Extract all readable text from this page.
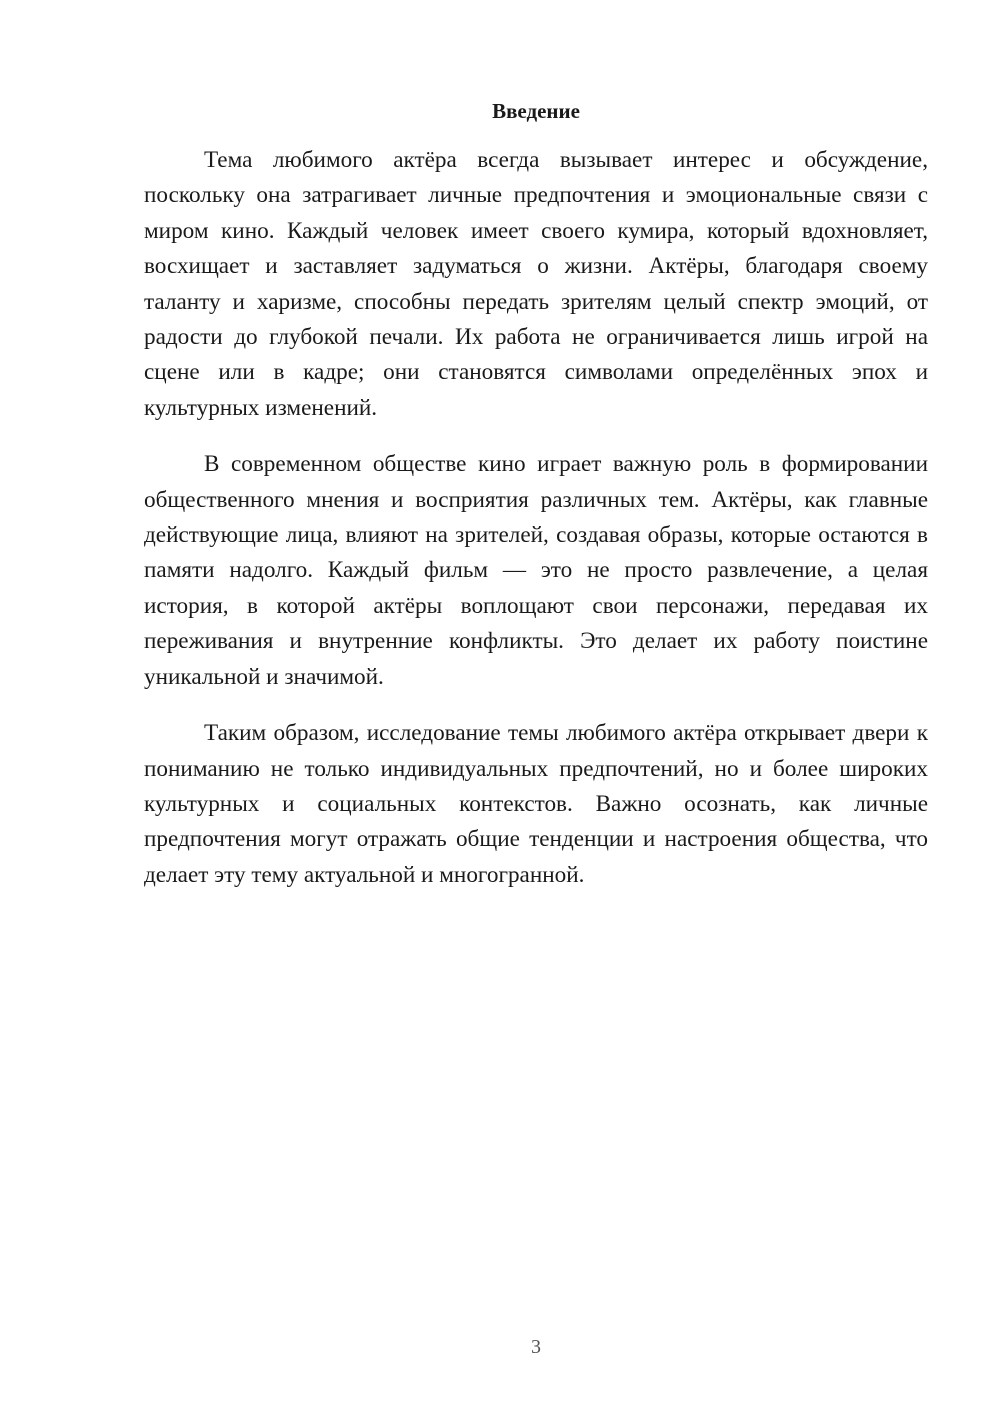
Введение

Тема любимого актёра всегда вызывает интерес и обсуждение, поскольку она затрагивает личные предпочтения и эмоциональные связи с миром кино. Каждый человек имеет своего кумира, который вдохновляет, восхищает и заставляет задуматься о жизни. Актёры, благодаря своему таланту и харизме, способны передать зрителям целый спектр эмоций, от радости до глубокой печали. Их работа не ограничивается лишь игрой на сцене или в кадре; они становятся символами определённых эпох и культурных изменений.

В современном обществе кино играет важную роль в формировании общественного мнения и восприятия различных тем. Актёры, как главные действующие лица, влияют на зрителей, создавая образы, которые остаются в памяти надолго. Каждый фильм — это не просто развлечение, а целая история, в которой актёры воплощают свои персонажи, передавая их переживания и внутренние конфликты. Это делает их работу поистине уникальной и значимой.

Таким образом, исследование темы любимого актёра открывает двери к пониманию не только индивидуальных предпочтений, но и более широких культурных и социальных контекстов. Важно осознать, как личные предпочтения могут отражать общие тенденции и настроения общества, что делает эту тему актуальной и многогранной.

3
